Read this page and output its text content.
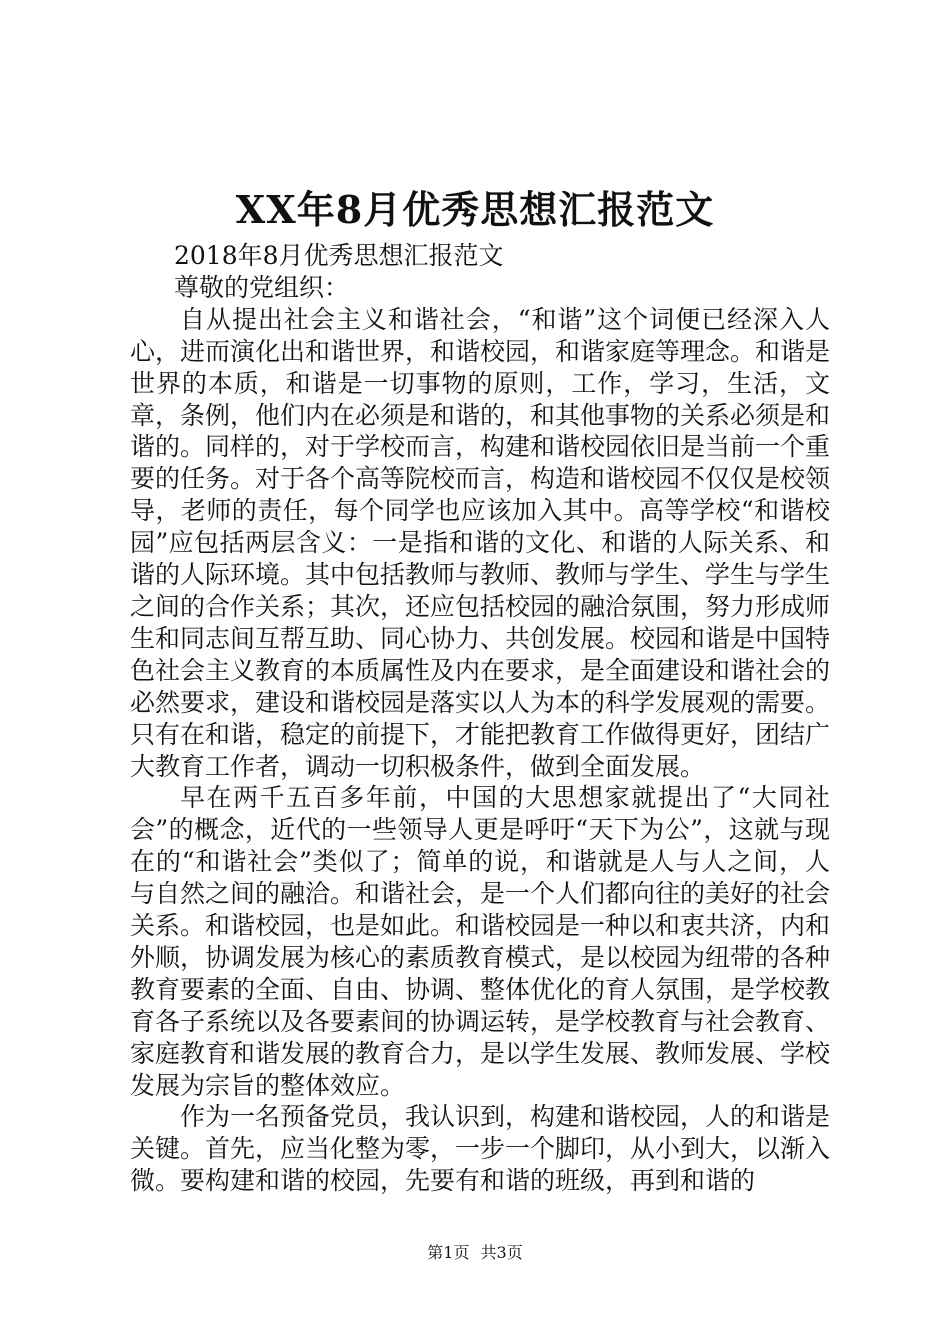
XX年8月优秀思想汇报范文
2018年8月优秀思想汇报范文
尊敬的党组织：

自从提出社会主义和谐社会，“和谐”这个词便已经深入人心，进而演化出和谐世界，和谐校园，和谐家庭等理念。和谐是世界的本质，和谐是一切事物的原则，工作，学习，生活，文章，条例，他们内在必须是和谐的，和其他事物的关系必须是和谐的。同样的，对于学校而言，构建和谐校园依旧是当前一个重要的任务。对于各个高等院校而言，构造和谐校园不仅仅是校领导，老师的责任，每个同学也应该加入其中。高等学校“和谐校园”应包括两层含义：一是指和谐的文化、和谐的人际关系、和谐的人际环境。其中包括教师与教师、教师与学生、学生与学生之间的合作关系；其次，还应包括校园的融洽氛围，努力形成师生和同志间互帮互助、同心协力、共创发展。校园和谐是中国特色社会主义教育的本质属性及内在要求，是全面建设和谐社会的必然要求，建设和谐校园是落实以人为本的科学发展观的需要。只有在和谐，稳定的前提下，才能把教育工作做得更好，团结广大教育工作者，调动一切积极条件，做到全面发展。

早在两千五百多年前，中国的大思想家就提出了“大同社会”的概念，近代的一些领导人更是呼吁“天下为公”，这就与现在的“和谐社会”类似了；简单的说，和谐就是人与人之间，人与自然之间的融洽。和谐社会，是一个人们都向往的美好的社会关系。和谐校园，也是如此。和谐校园是一种以和衷共济，内和外顺，协调发展为核心的素质教育模式，是以校园为纽带的各种教育要素的全面、自由、协调、整体优化的育人氛围，是学校教育各子系统以及各要素间的协调运转，是学校教育与社会教育、家庭教育和谐发展的教育合力，是以学生发展、教师发展、学校发展为宗旨的整体效应。

作为一名预备党员，我认识到，构建和谐校园，人的和谐是关键。首先，应当化整为零，一步一个脚印，从小到大，以渐入微。要构建和谐的校园，先要有和谐的班级，再到和谐的

第1页 共3页
